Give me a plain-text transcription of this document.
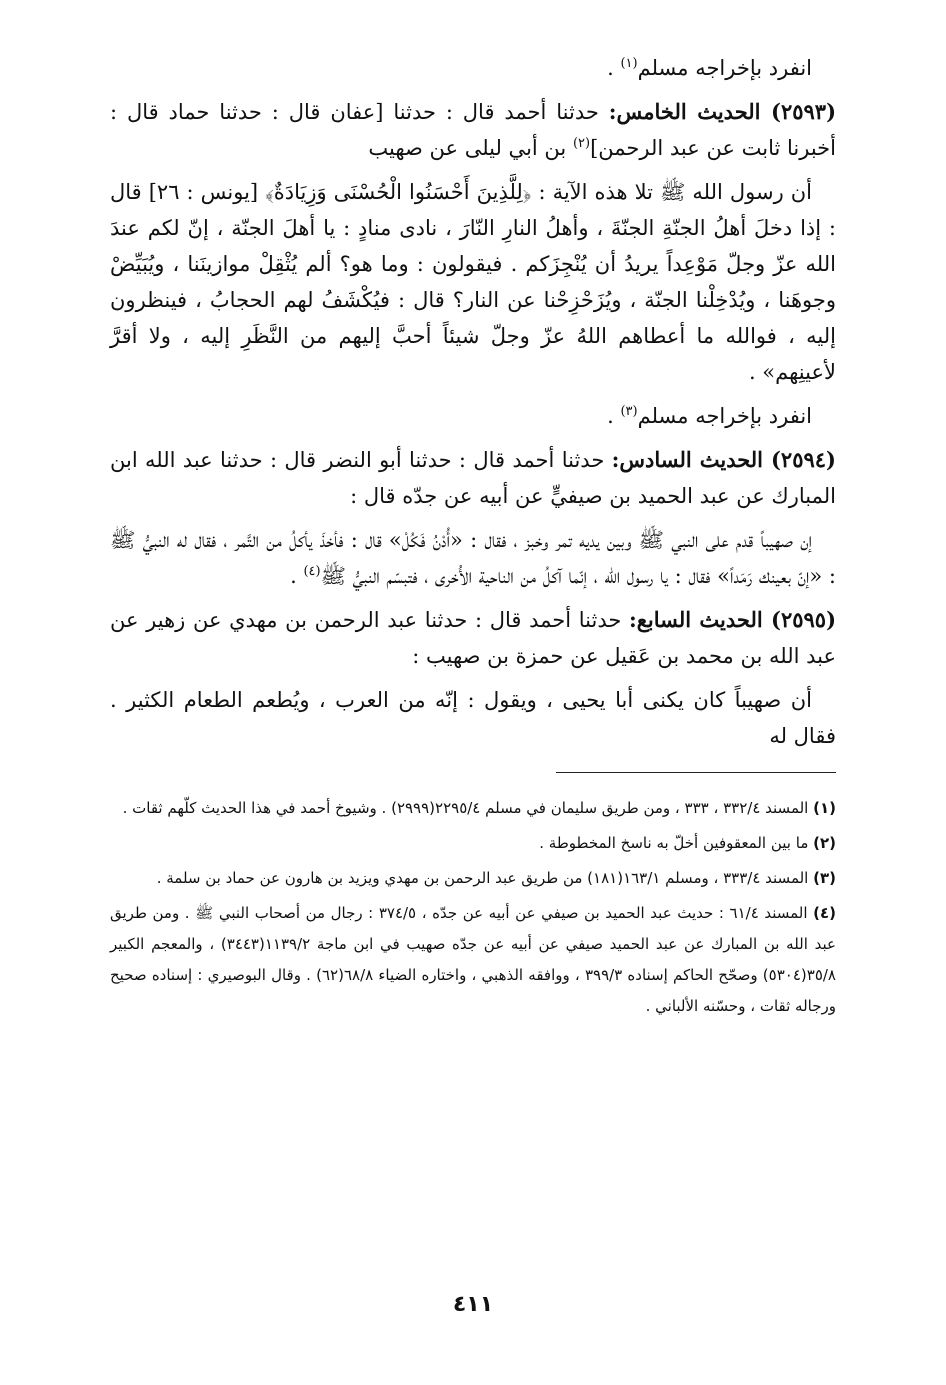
انفرد بإخراجه مسلم$^{(١)}$ .

(٢٥٩٣) الحديث الخامس: حدثنا أحمد قال : حدثنا [عفان قال : حدثنا حماد قال : أخبرنا ثابت عن عبد الرحمن]$^{(٢)}$ بن أبي ليلى عن صهيب

أن رسول الله ﷺ تلا هذه الآية : ﴿لِلَّذِينَ أَحْسَنُوا الْحُسْنَى وَزِيَادَةٌ﴾ [يونس : ٢٦] قال : إذا دخلَ أهلُ الجنّةِ الجنّةَ ، وأهلُ النارِ النّارَ ، نادى منادٍ : يا أهلَ الجنّة ، إنّ لكم عندَ الله عزّ وجلّ مَوْعِداً يريدُ أن يُنْجِزَكم . فيقولون : وما هو؟ ألم يُثْقِلْ موازينَنا ، ويُبَيِّضْ وجوهَنا ، ويُدْخِلْنا الجنّة ، ويُزَحْزِحْنا عن النار؟ قال : فيُكْشَفُ لهم الحجابُ ، فينظرون إليه ، فوالله ما أعطاهم اللهُ عزّ وجلّ شيئاً أحبَّ إليهم من النَّظَرِ إليه ، ولا أقرَّ لأعينِهم» .

انفرد بإخراجه مسلم$^{(٣)}$ .

(٢٥٩٤) الحديث السادس: حدثنا أحمد قال : حدثنا أبو النضر قال : حدثنا عبد الله ابن المبارك عن عبد الحميد بن صيفيٍّ عن أبيه عن جدّه قال :

إن صهيباً قدم على النبي ﷺ وبين يديه تمر وخبز ، فقال : «أُدْنُ فَكُلْ» قال : فأخذَ يأكلُ من التَّمر ، فقال له النبيُّ ﷺ : «إنّ بعينك رَمَداً» فقال : يا رسول الله ، إنّما آكلُ من الناحية الأُخرى ، فتبسّم النبيُّ ﷺ$^{(٤)}$ .

(٢٥٩٥) الحديث السابع: حدثنا أحمد قال : حدثنا عبد الرحمن بن مهدي عن زهير عن عبد الله بن محمد بن عَقيل عن حمزة بن صهيب :

أن صهيباً كان يكنى أبا يحيى ، ويقول : إنّه من العرب ، ويُطعم الطعام الكثير . فقال له

(١) المسند ٣٣٢/٤ ، ٣٣٣ ، ومن طريق سليمان في مسلم ٢٢٩٥/٤(٢٩٩٩) . وشيوخ أحمد في هذا الحديث كلّهم ثقات .

(٢) ما بين المعقوفين أخلّ به ناسخ المخطوطة .

(٣) المسند ٣٣٣/٤ ، ومسلم ١٦٣/١(١٨١) من طريق عبد الرحمن بن مهدي ويزيد بن هارون عن حماد بن سلمة .

(٤) المسند ٦١/٤ : حديث عبد الحميد بن صيفي عن أبيه عن جدّه ، ٣٧٤/٥ : رجال من أصحاب النبي ﷺ . ومن طريق عبد الله بن المبارك عن عبد الحميد صيفي عن أبيه عن جدّه صهيب في ابن ماجة ١١٣٩/٢(٣٤٤٣) ، والمعجم الكبير ٣٥/٨(٥٣٠٤) وصحّح الحاكم إسناده ٣٩٩/٣ ، ووافقه الذهبي ، واختاره الضياء ٦٨/٨(٦٢) . وقال البوصيري : إسناده صحيح ورجاله ثقات ، وحسّنه الألباني .

٤١١
